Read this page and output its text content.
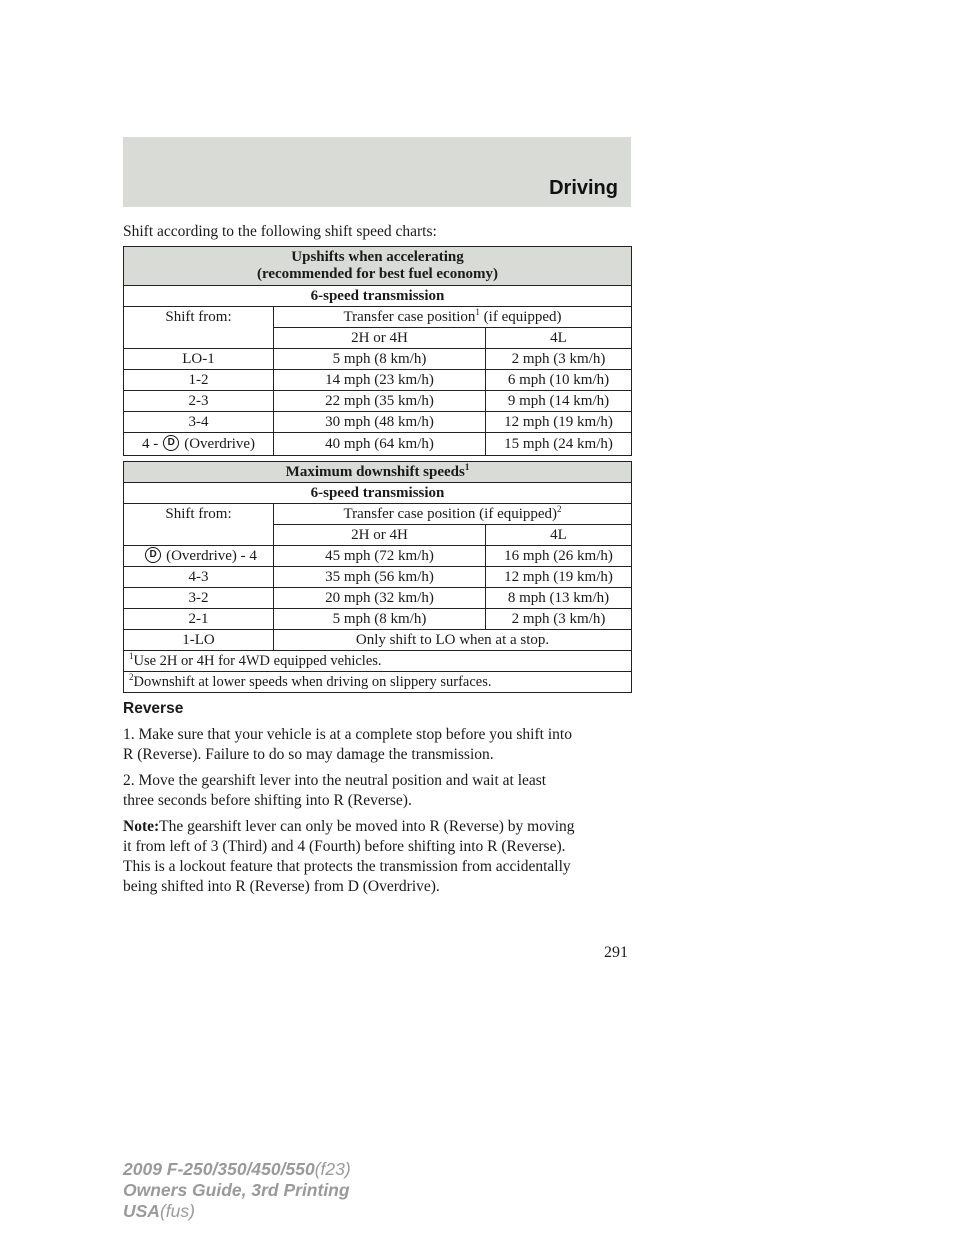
Driving
Shift according to the following shift speed charts:
Upshifts when accelerating
(recommended for best fuel economy)		
6-speed transmission		
Shift from:	Transfer case position$^1$ (if equipped)	
	2H or 4H	4L
LO-1	5 mph (8 km/h)	2 mph (3 km/h)
1-2	14 mph (23 km/h)	6 mph (10 km/h)
2-3	22 mph (35 km/h)	9 mph (14 km/h)
3-4	30 mph (48 km/h)	12 mph (19 km/h)
4 - D (Overdrive)	40 mph (64 km/h)	15 mph (24 km/h)
Maximum downshift speeds$^1$
6-speed transmission		
Shift from:	Transfer case position (if equipped)$^2$
	2H or 4H	4L
D (Overdrive) - 4	45 mph (72 km/h)	16 mph (26 km/h)
4-3	35 mph (56 km/h)	12 mph (19 km/h)
3-2	20 mph (32 km/h)	8 mph (13 km/h)
2-1	5 mph (8 km/h)	2 mph (3 km/h)
1-LO	Only shift to LO when at a stop.	
$^1$Use 2H or 4H for 4WD equipped vehicles.		
$^2$Downshift at lower speeds when driving on slippery surfaces.		
Reverse
1. Make sure that your vehicle is at a complete stop before you shift into
R (Reverse). Failure to do so may damage the transmission.
2. Move the gearshift lever into the neutral position and wait at least
three seconds before shifting into R (Reverse).
Note:The gearshift lever can only be moved into R (Reverse) by moving
it from left of 3 (Third) and 4 (Fourth) before shifting into R (Reverse).
This is a lockout feature that protects the transmission from accidentally
being shifted into R (Reverse) from D (Overdrive).
291
2009 F-250/350/450/550(f23)
Owners Guide, 3rd Printing
USA(fus)
